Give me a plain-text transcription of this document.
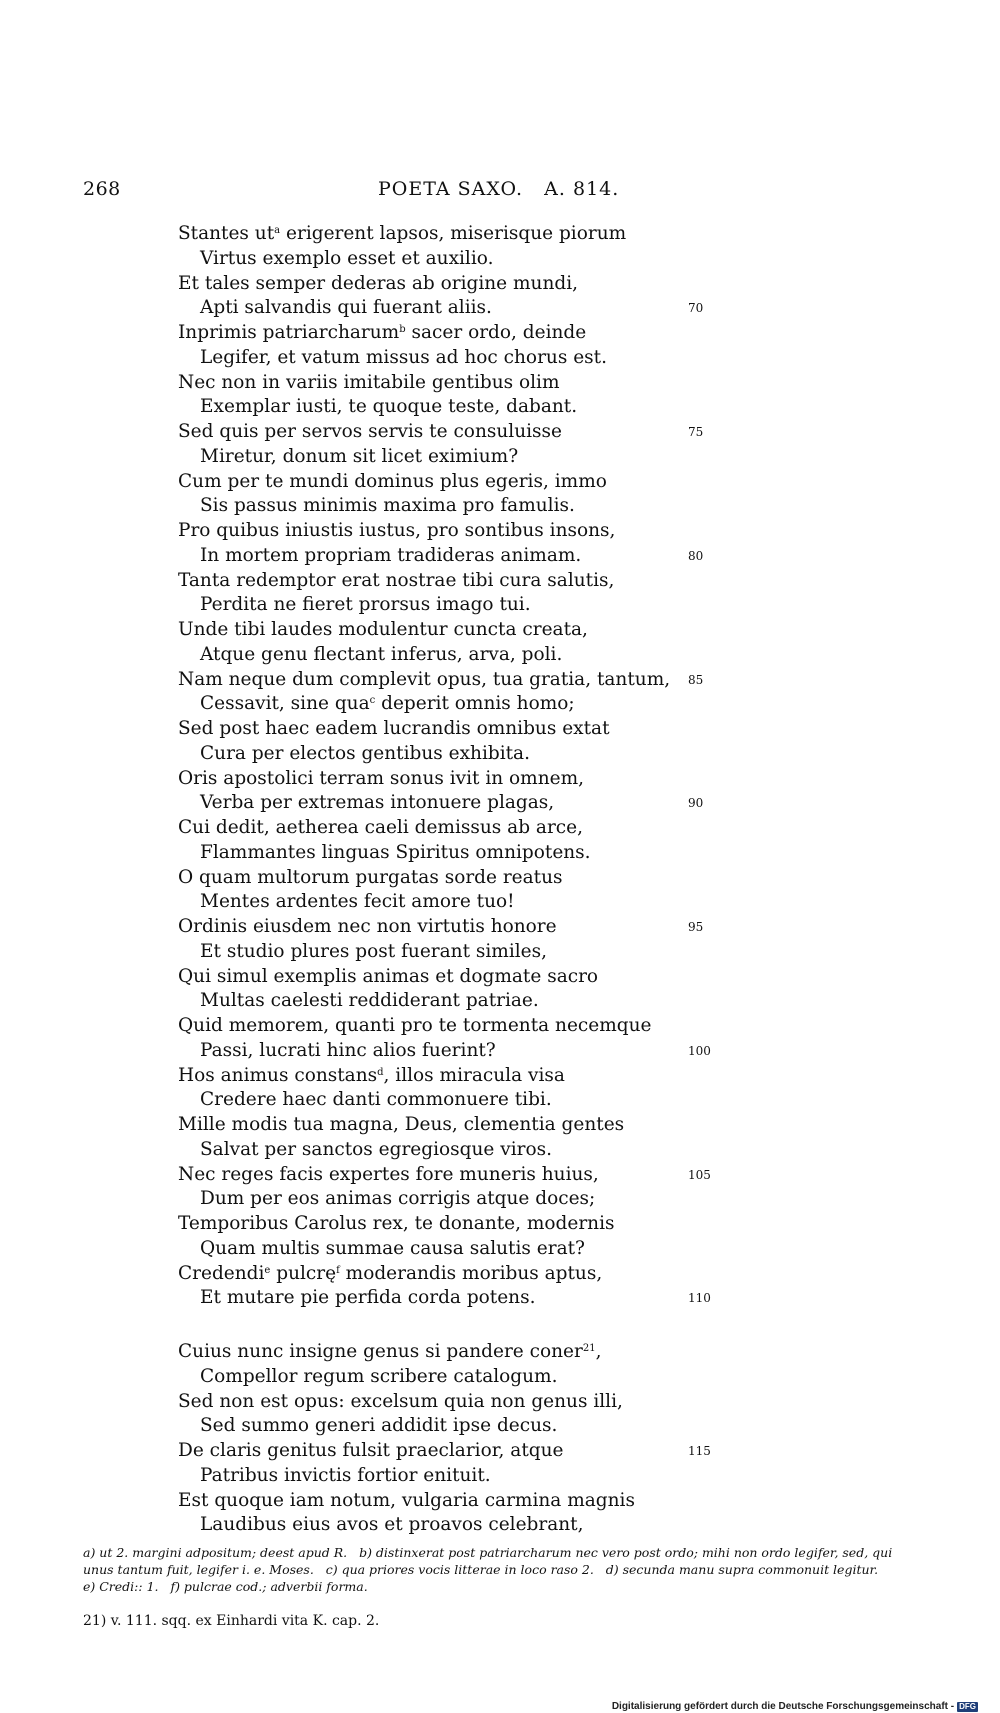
268	POETA SAXO.   A. 814.
Stantes $ut^a$ erigerent lapsos, miserisque piorum
Virtus exemplo esset et auxilio.
Et tales semper dederas ab origine mundi,
Apti salvandis qui fuerant aliis.	70
Inprimis patriarcharum$^b$ sacer ordo, deinde
Legifer, et vatum missus ad hoc chorus est.
Nec non in variis imitabile gentibus olim
Exemplar iusti, te quoque teste, dabant.
Sed quis per servos servis te consuluisse	75
Miretur, donum sit licet eximium?
Cum per te mundi dominus plus egeris, immo
Sis passus minimis maxima pro famulis.
Pro quibus iniustis iustus, pro sontibus insons,
In mortem propriam tradideras animam.	80
Tanta redemptor erat nostrae tibi cura salutis,
Perdita ne fieret prorsus imago tui.
Unde tibi laudes modulentur cuncta creata,
Atque genu flectant inferus, arva, poli.
Nam neque dum complevit opus, tua gratia, tantum, 85
Cessavit, sine qua$^c$ deperit omnis homo;
Sed post haec eadem lucrandis omnibus extat
Cura per electos gentibus exhibita.
Oris apostolici terram sonus ivit in omnem,
Verba per extremas intonuere plagas,	90
Cui dedit, aetherea caeli demissus ab arce,
Flammantes linguas Spiritus omnipotens.
O quam multorum purgatas sorde reatus
Mentes ardentes fecit amore tuo!
Ordinis eiusdem nec non virtutis honore	95
Et studio plures post fuerant similes,
Qui simul exemplis animas et dogmate sacro
Multas caelesti reddiderant patriae.
Quid memorem, quanti pro te tormenta necemque
Passi, lucrati hinc alios fuerint?	100
Hos animus constans$^d$, illos miracula visa
Credere haec danti commonuere tibi.
Mille modis tua magna, Deus, clementia gentes
Salvat per sanctos egregiosque viros.
Nec reges facis expertes fore muneris huius,	105
Dum per eos animas corrigis atque doces;
Temporibus Carolus rex, te donante, modernis
Quam multis summae causa salutis erat?
Credendi$^e$ pulcrę$^f$ moderandis moribus aptus,
Et mutare pie perfida corda potens.	110
Cuius nunc insigne genus si pandere coner$^{21}$,
Compellor regum scribere catalogum.
Sed non est opus: excelsum quia non genus illi,
Sed summo generi addidit ipse decus.
De claris genitus fulsit praeclarior, atque	115
Patribus invictis fortior enituit.
Est quoque iam notum, vulgaria carmina magnis
Laudibus eius avos et proavos celebrant,
a) ut 2. margini adpositum; deest apud R. b) distinxerat post patriarcharum nec vero post ordo; mihi non ordo legifer, sed, qui unus tantum fuit, legifer i. e. Moses. c) qua priores vocis litterae in loco raso 2. d) secunda manu supra commonuit legitur.   e) Credi:: 1. f) pulcrae cod.; adverbii forma.
21) v. 111. sqq. ex Einhardi vita K. cap. 2.
Digitalisierung gefördert durch die Deutsche Forschungsgemeinschaft - DFG
